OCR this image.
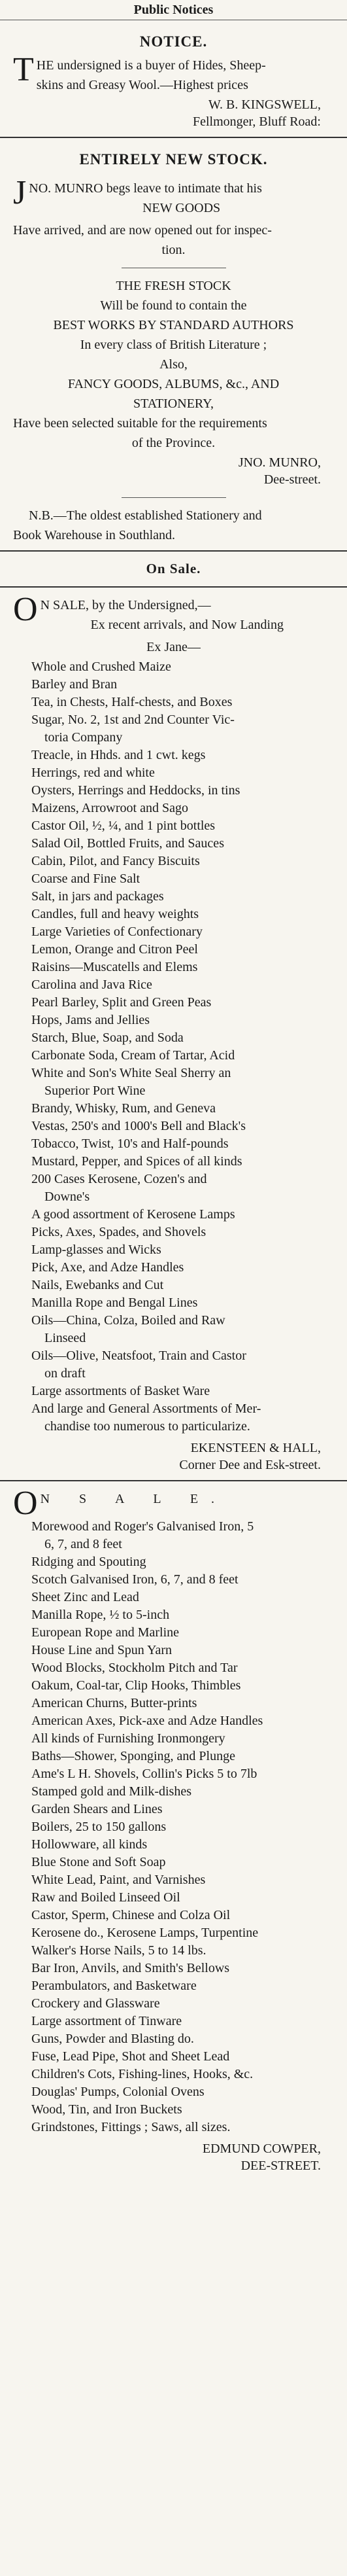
Public Notices
NOTICE.
T HE undersigned is a buyer of Hides, Sheep-
skins and Greasy Wool.—Highest prices
W. B. KINGSWELL,
Fellmonger, Bluff Road:
ENTIRELY NEW STOCK.
J NO. MUNRO begs leave to intimate that his
NEW GOODS
Have arrived, and are now opened out for inspec-
tion.
THE FRESH STOCK
Will be found to contain the
BEST WORKS BY STANDARD AUTHORS
In every class of British Literature ;
Also,
FANCY GOODS, ALBUMS, &c., AND
STATIONERY,
Have been selected suitable for the requirements
of the Province.
JNO. MUNRO,
Dee-street.
N.B.—The oldest established Stationery and
Book Warehouse in Southland.
On Sale.
O N SALE, by the Undersigned,—
Ex recent arrivals, and Now Landing
Ex Jane—
Whole and Crushed Maize
Barley and Bran
Tea, in Chests, Half-chests, and Boxes
Sugar, No. 2, 1st and 2nd Counter Vic-
toria Company
Treacle, in Hhds. and 1 cwt. kegs
Herrings, red and white
Oysters, Herrings and Heddocks, in tins
Maizens, Arrowroot and Sago
Castor Oil, ½, ¼, and 1 pint bottles
Salad Oil, Bottled Fruits, and Sauces
Cabin, Pilot, and Fancy Biscuits
Coarse and Fine Salt
Salt, in jars and packages
Candles, full and heavy weights
Large Varieties of Confectionary
Lemon, Orange and Citron Peel
Raisins—Muscatells and Elems
Carolina and Java Rice
Pearl Barley, Split and Green Peas
Hops, Jams and Jellies
Starch, Blue, Soap, and Soda
Carbonate Soda, Cream of Tartar, Acid
White and Son's White Seal Sherry an
Superior Port Wine
Brandy, Whisky, Rum, and Geneva
Vestas, 250's and 1000's Bell and Black's
Tobacco, Twist, 10's and Half-pounds
Mustard, Pepper, and Spices of all kinds
200 Cases Kerosene, Cozen's and
Downe's
A good assortment of Kerosene Lamps
Picks, Axes, Spades, and Shovels
Lamp-glasses and Wicks
Pick, Axe, and Adze Handles
Nails, Ewebanks and Cut
Manilla Rope and Bengal Lines
Oils—China, Colza, Boiled and Raw
Linseed
Oils—Olive, Neatsfoot, Train and Castor
on draft
Large assortments of Basket Ware
And large and General Assortments of Mer-
chandise too numerous to particularize.
EKENSTEEN & HALL,
Corner Dee and Esk-street.
O N S A L E.
Morewood and Roger's Galvanised Iron, 5
6, 7, and 8 feet
Ridging and Spouting
Scotch Galvanised Iron, 6, 7, and 8 feet
Sheet Zinc and Lead
Manilla Rope, ½ to 5-inch
European Rope and Marline
House Line and Spun Yarn
Wood Blocks, Stockholm Pitch and Tar
Oakum, Coal-tar, Clip Hooks, Thimbles
American Churns, Butter-prints
American Axes, Pick-axe and Adze Handles
All kinds of Furnishing Ironmongery
Baths—Shower, Sponging, and Plunge
Ame's L H. Shovels, Collin's Picks 5 to 7lb
Stamped gold and Milk-dishes
Garden Shears and Lines
Boilers, 25 to 150 gallons
Hollowware, all kinds
Blue Stone and Soft Soap
White Lead, Paint, and Varnishes
Raw and Boiled Linseed Oil
Castor, Sperm, Chinese and Colza Oil
Kerosene do., Kerosene Lamps, Turpentine
Walker's Horse Nails, 5 to 14 lbs.
Bar Iron, Anvils, and Smith's Bellows
Perambulators, and Basketware
Crockery and Glassware
Large assortment of Tinware
Guns, Powder and Blasting do.
Fuse, Lead Pipe, Shot and Sheet Lead
Children's Cots, Fishing-lines, Hooks, &c.
Douglas' Pumps, Colonial Ovens
Wood, Tin, and Iron Buckets
Grindstones, Fittings ; Saws, all sizes.
EDMUND COWPER,
DEE-STREET.
